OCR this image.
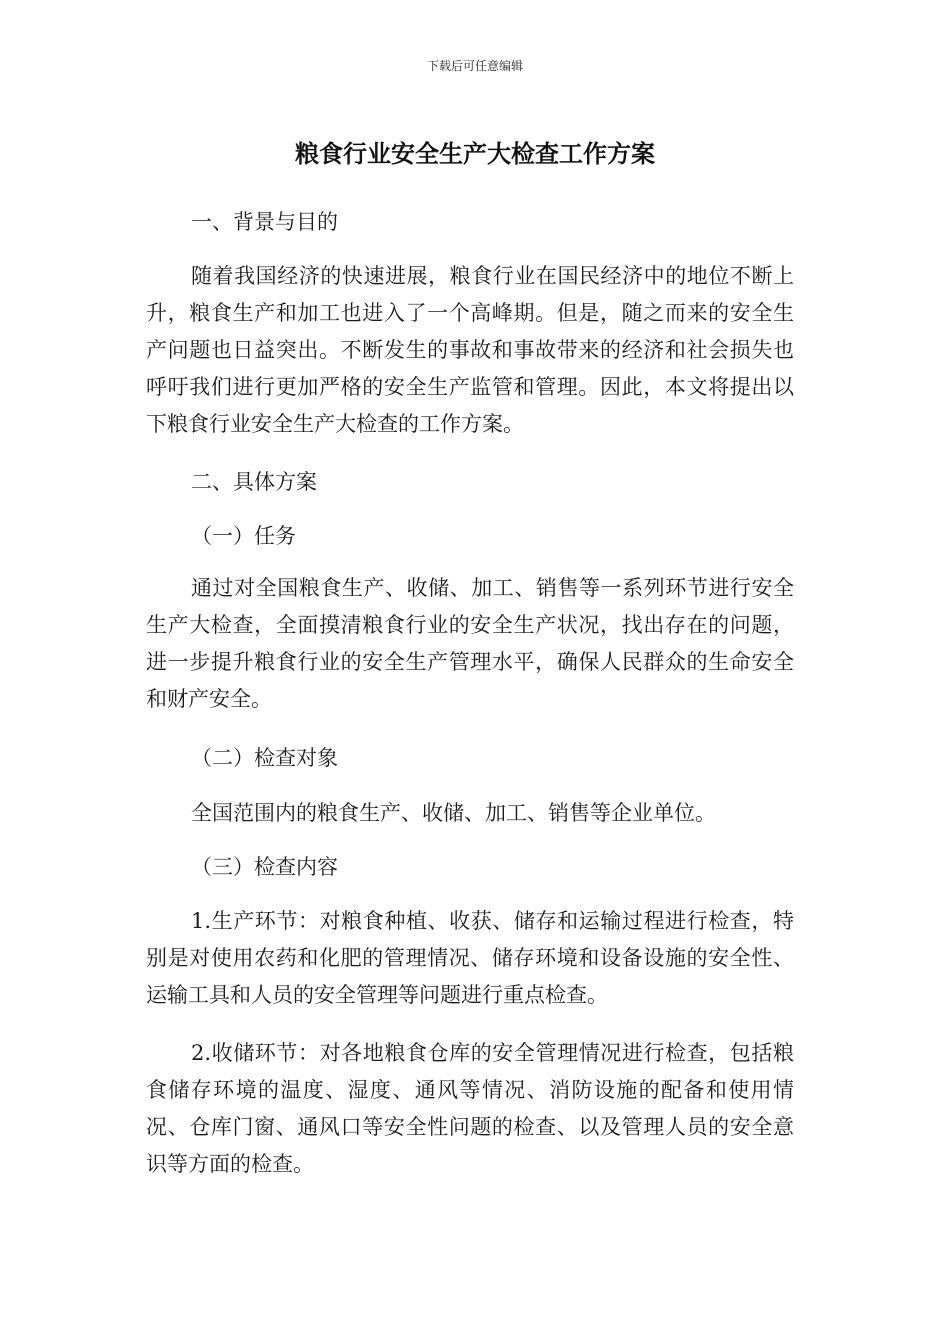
下载后可任意编辑
粮食行业安全生产大检查工作方案

一、背景与目的

随着我国经济的快速进展，粮食行业在国民经济中的地位不断上升，粮食生产和加工也进入了一个高峰期。但是，随之而来的安全生产问题也日益突出。不断发生的事故和事故带来的经济和社会损失也呼吁我们进行更加严格的安全生产监管和管理。因此，本文将提出以下粮食行业安全生产大检查的工作方案。

二、具体方案

（一）任务

通过对全国粮食生产、收储、加工、销售等一系列环节进行安全生产大检查，全面摸清粮食行业的安全生产状况，找出存在的问题，进一步提升粮食行业的安全生产管理水平，确保人民群众的生命安全和财产安全。

（二）检查对象

全国范围内的粮食生产、收储、加工、销售等企业单位。

（三）检查内容

1.生产环节：对粮食种植、收获、储存和运输过程进行检查，特别是对使用农药和化肥的管理情况、储存环境和设备设施的安全性、运输工具和人员的安全管理等问题进行重点检查。

2.收储环节：对各地粮食仓库的安全管理情况进行检查，包括粮食储存环境的温度、湿度、通风等情况、消防设施的配备和使用情况、仓库门窗、通风口等安全性问题的检查、以及管理人员的安全意识等方面的检查。
